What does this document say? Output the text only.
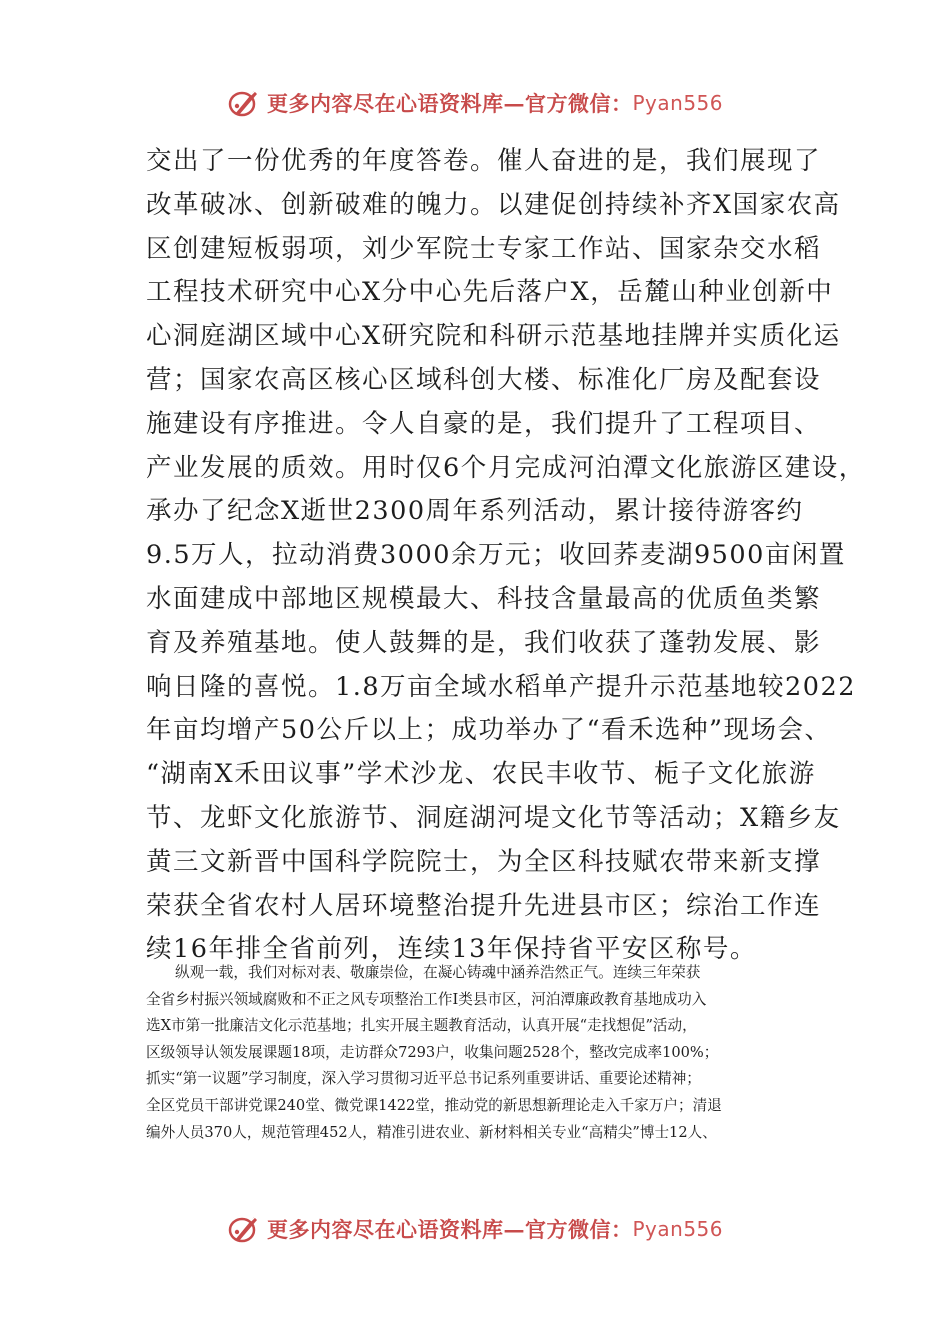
更多内容尽在心语资料库—官方微信： Pyan556
交出了一份优秀的年度答卷。催人奋进的是，我们展现了
改革破冰、创新破难的魄力。以建促创持续补齐X国家农高
区创建短板弱项，刘少军院士专家工作站、国家杂交水稻
工程技术研究中心X分中心先后落户X，岳麓山种业创新中
心洞庭湖区域中心X研究院和科研示范基地挂牌并实质化运
营；国家农高区核心区域科创大楼、标准化厂房及配套设
施建设有序推进。令人自豪的是，我们提升了工程项目、
产业发展的质效。用时仅6个月完成河泊潭文化旅游区建设，
承办了纪念X逝世2300周年系列活动，累计接待游客约
9.5万人，拉动消费3000余万元；收回荞麦湖9500亩闲置
水面建成中部地区规模最大、科技含量最高的优质鱼类繁
育及养殖基地。使人鼓舞的是，我们收获了蓬勃发展、影
响日隆的喜悦。1.8万亩全域水稻单产提升示范基地较2022
年亩均增产50公斤以上；成功举办了“看禾选种”现场会、
“湖南X禾田议事”学术沙龙、农民丰收节、栀子文化旅游
节、龙虾文化旅游节、洞庭湖河堤文化节等活动；X籍乡友
黄三文新晋中国科学院院士，为全区科技赋农带来新支撑
荣获全省农村人居环境整治提升先进县市区；综治工作连
续16年排全省前列，连续13年保持省平安区称号。
纵观一载，我们对标对表、敬廉崇俭，在凝心铸魂中涵养浩然正气。连续三年荣获
全省乡村振兴领域腐败和不正之风专项整治工作Ⅰ类县市区，河泊潭廉政教育基地成功入
选X市第一批廉洁文化示范基地；扎实开展主题教育活动，认真开展“走找想促”活动，
区级领导认领发展课题18项，走访群众7293户，收集问题2528个，整改完成率100%；
抓实“第一议题”学习制度，深入学习贯彻习近平总书记系列重要讲话、重要论述精神；
全区党员干部讲党课240堂、微党课1422堂，推动党的新思想新理论走入千家万户；清退
编外人员370人，规范管理452人，精准引进农业、新材料相关专业“高精尖”博士12人、
更多内容尽在心语资料库—官方微信： Pyan556
